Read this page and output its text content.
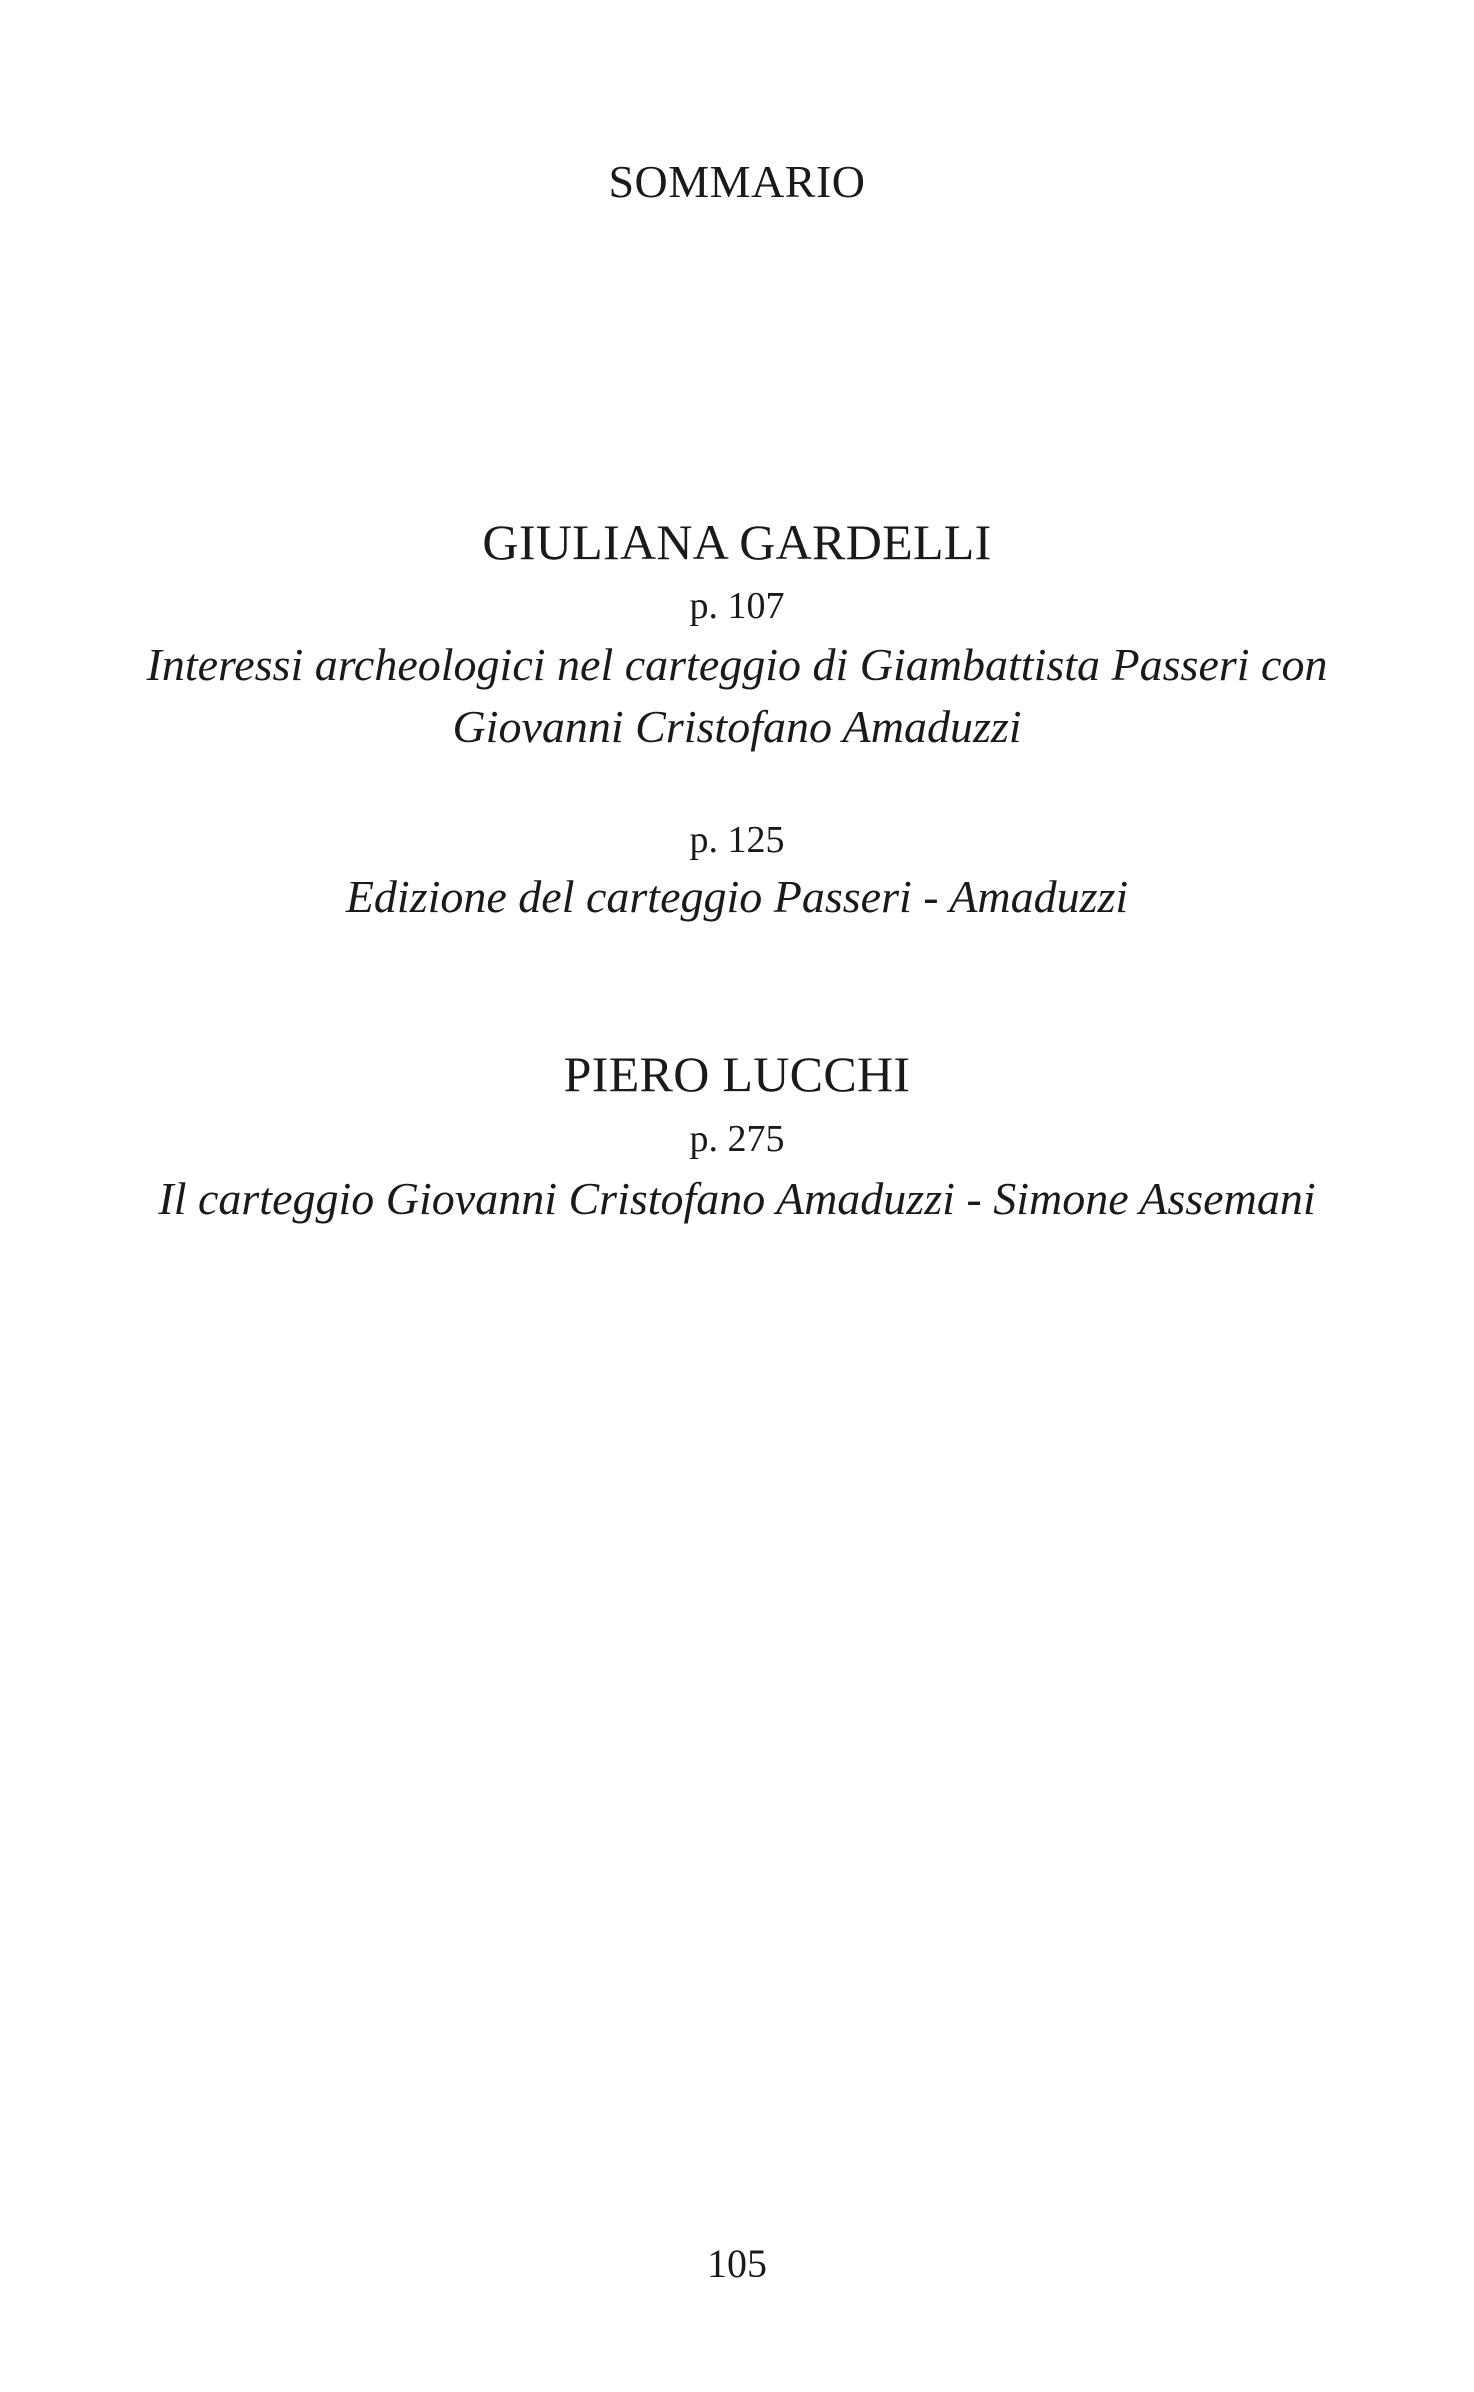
SOMMARIO
GIULIANA GARDELLI
p. 107
Interessi archeologici nel carteggio di Giambattista Passeri con
Giovanni Cristofano Amaduzzi
p. 125
Edizione del carteggio Passeri - Amaduzzi
PIERO LUCCHI
p. 275
Il carteggio Giovanni Cristofano Amaduzzi - Simone Assemani
105
